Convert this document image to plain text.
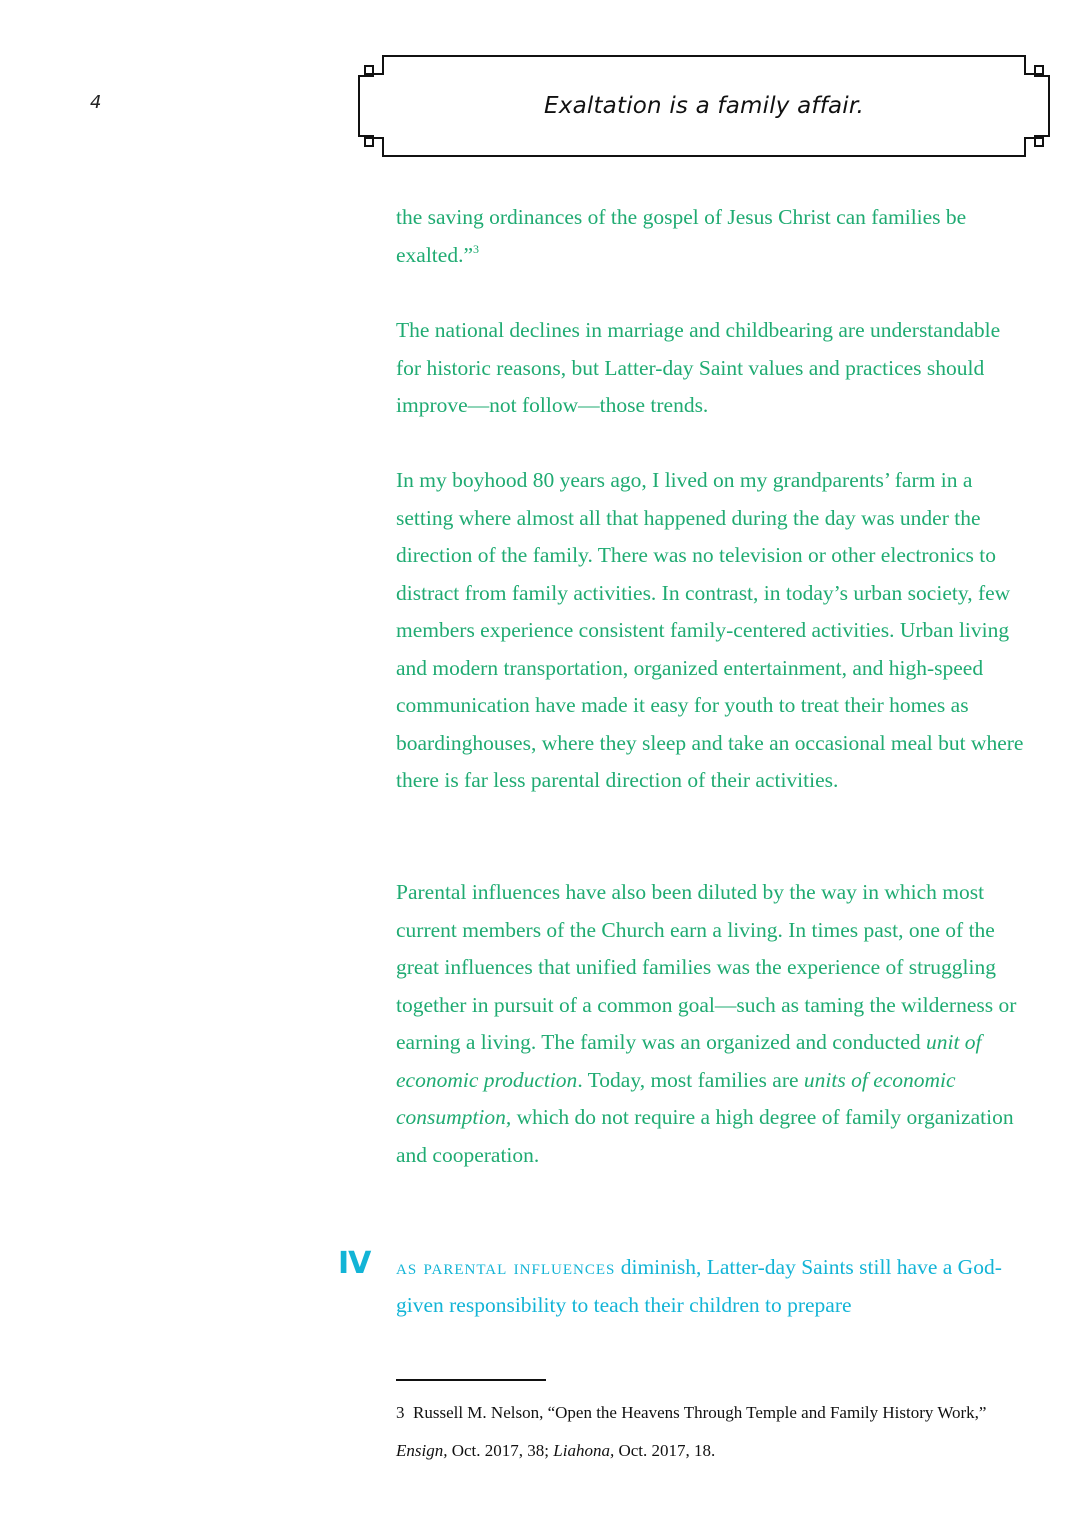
4	Exaltation is a family affair.

the saving ordinances of the gospel of Jesus Christ can families be exalted.”$^3$

The national declines in marriage and childbearing are understandable for historic reasons, but Latter-day Saint values and practices should improve—not follow—those trends.

In my boyhood 80 years ago, I lived on my grandparents’ farm in a setting where almost all that happened during the day was under the direction of the family. There was no television or other electronics to distract from family activities. In contrast, in today’s urban society, few members experience consistent family-centered activities. Urban living and modern transportation, organized entertainment, and high-speed communication have made it easy for youth to treat their homes as boardinghouses, where they sleep and take an occasional meal but where there is far less parental direction of their activities.

Parental influences have also been diluted by the way in which most current members of the Church earn a living. In times past, one of the great influences that unified families was the experience of struggling together in pursuit of a common goal—such as taming the wilderness or earning a living. The family was an organized and conducted unit of economic production. Today, most families are units of economic consumption, which do not require a high degree of family organization and cooperation.

IV as parental influences diminish, Latter-day Saints still have a God-given responsibility to teach their children to prepare

3 Russell M. Nelson, “Open the Heavens Through Temple and Family History Work,” Ensign, Oct. 2017, 38; Liahona, Oct. 2017, 18.
